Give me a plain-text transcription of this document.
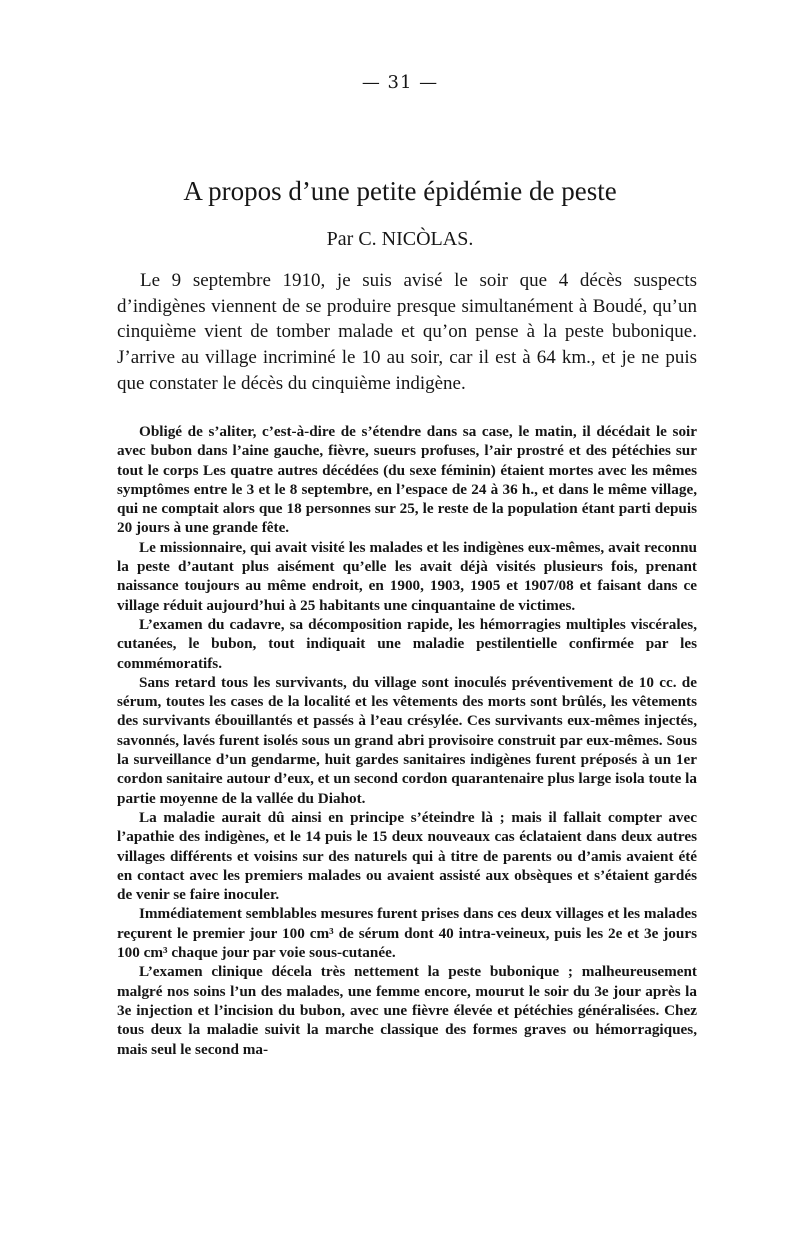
— 31 —
A propos d’une petite épidémie de peste
Par C. NICÒLAS.

Le 9 septembre 1910, je suis avisé le soir que 4 décès suspects d’indigènes viennent de se produire presque simultanément à Boudé, qu’un cinquième vient de tomber malade et qu’on pense à la peste bubonique. J’arrive au village incriminé le 10 au soir, car il est à 64 km., et je ne puis que constater le décès du cinquième indigène.

Obligé de s’aliter, c’est-à-dire de s’étendre dans sa case, le matin, il décédait le soir avec bubon dans l’aine gauche, fièvre, sueurs profuses, l’air prostré et des pétéchies sur tout le corps Les quatre autres décédées (du sexe féminin) étaient mortes avec les mêmes symptômes entre le 3 et le 8 septembre, en l’espace de 24 à 36 h., et dans le même village, qui ne comptait alors que 18 personnes sur 25, le reste de la population étant parti depuis 20 jours à une grande fête.

Le missionnaire, qui avait visité les malades et les indigènes eux-mêmes, avait reconnu la peste d’autant plus aisément qu’elle les avait déjà visités plusieurs fois, prenant naissance toujours au même endroit, en 1900, 1903, 1905 et 1907/08 et faisant dans ce village réduit aujourd’hui à 25 habitants une cinquantaine de victimes.

L’examen du cadavre, sa décomposition rapide, les hémorragies multiples viscérales, cutanées, le bubon, tout indiquait une maladie pestilentielle confirmée par les commémoratifs.

Sans retard tous les survivants, du village sont inoculés préventivement de 10 cc. de sérum, toutes les cases de la localité et les vêtements des morts sont brûlés, les vêtements des survivants ébouillantés et passés à l’eau crésylée. Ces survivants eux-mêmes injectés, savonnés, lavés furent isolés sous un grand abri provisoire construit par eux-mêmes. Sous la surveillance d’un gendarme, huit gardes sanitaires indigènes furent préposés à un 1er cordon sanitaire autour d’eux, et un second cordon quarantenaire plus large isola toute la partie moyenne de la vallée du Diahot.

La maladie aurait dû ainsi en principe s’éteindre là ; mais il fallait compter avec l’apathie des indigènes, et le 14 puis le 15 deux nouveaux cas éclataient dans deux autres villages différents et voisins sur des naturels qui à titre de parents ou d’amis avaient été en contact avec les premiers malades ou avaient assisté aux obsèques et s’étaient gardés de venir se faire inoculer.

Immédiatement semblables mesures furent prises dans ces deux villages et les malades reçurent le premier jour 100 cm³ de sérum dont 40 intra-veineux, puis les 2e et 3e jours 100 cm³ chaque jour par voie sous-cutanée.

L’examen clinique décela très nettement la peste bubonique ; malheureusement malgré nos soins l’un des malades, une femme encore, mourut le soir du 3e jour après la 3e injection et l’incision du bubon, avec une fièvre élevée et pétéchies généralisées. Chez tous deux la maladie suivit la marche classique des formes graves ou hémorragiques, mais seul le second ma-
